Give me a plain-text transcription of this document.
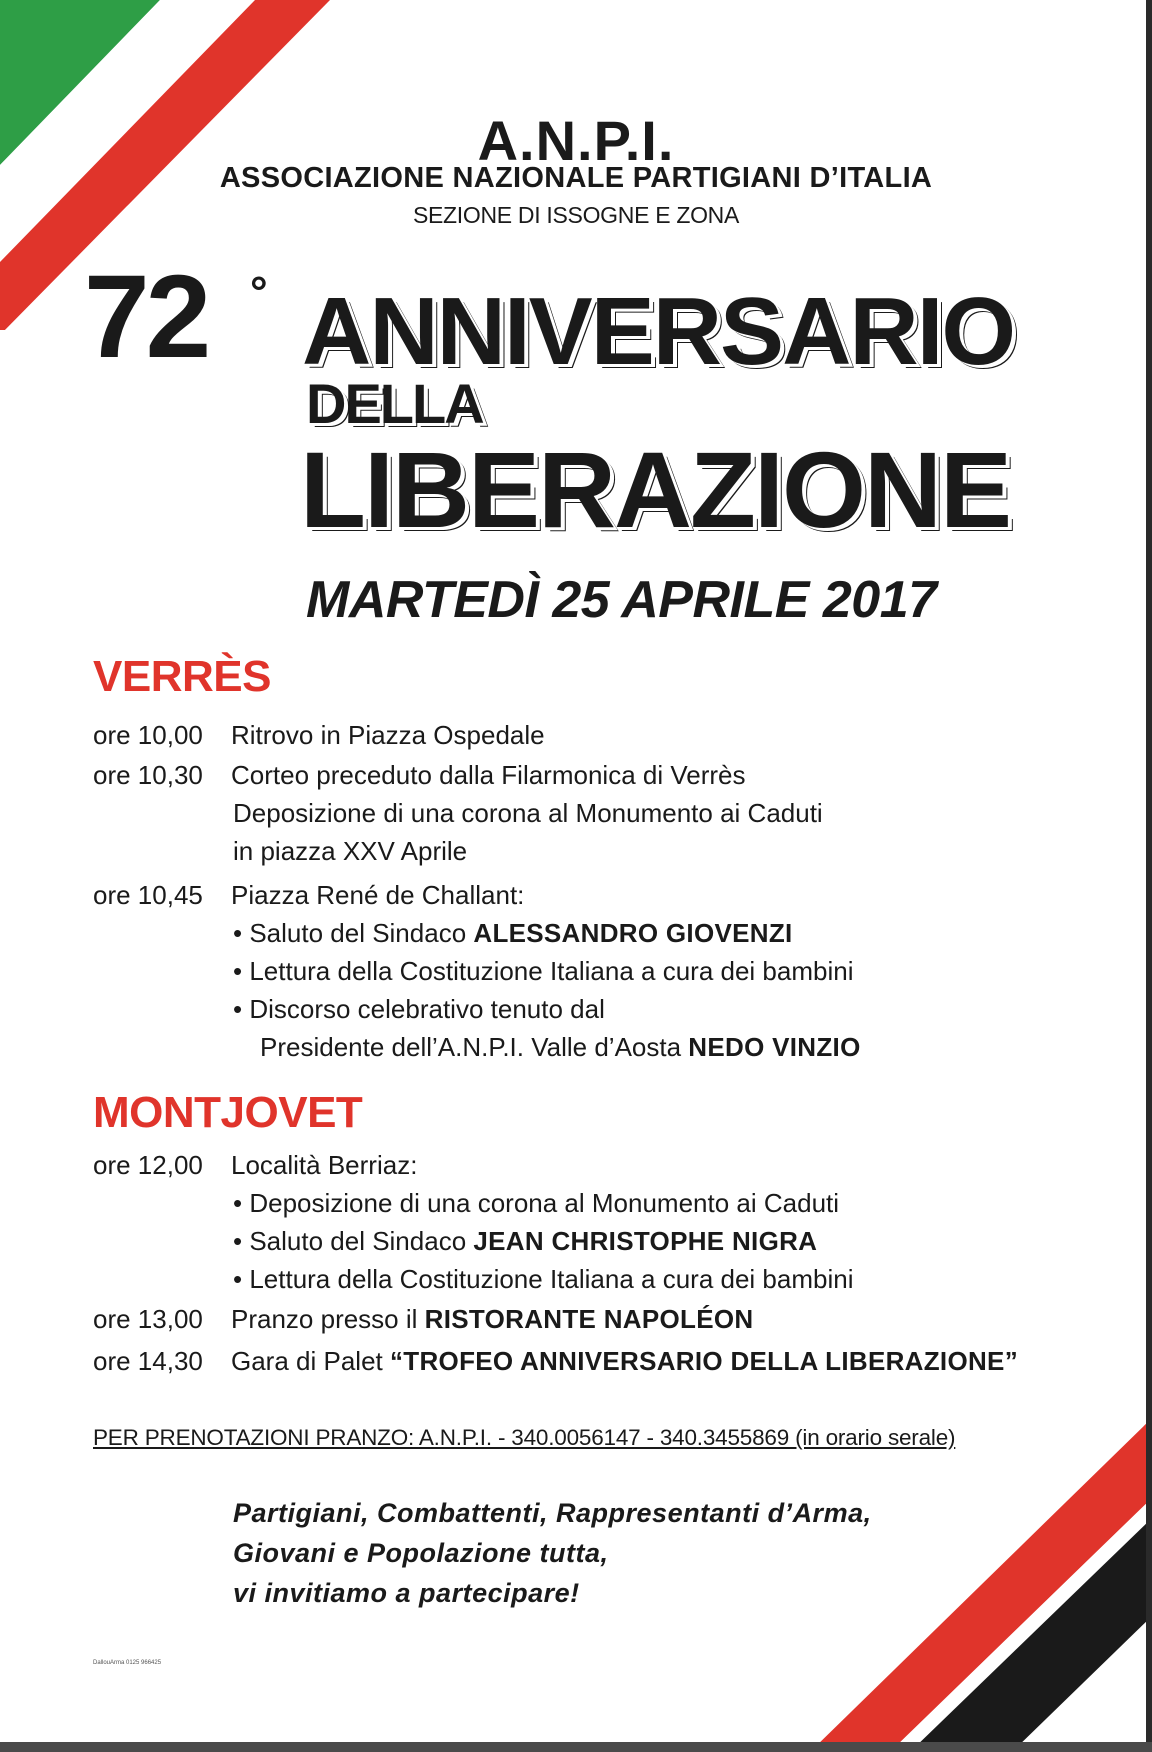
A.N.P.I.
ASSOCIAZIONE NAZIONALE PARTIGIANI D’ITALIA
SEZIONE DI ISSOGNE E ZONA
72 ° ANNIVERSARIO
DELLA
LIBERAZIONE
MARTEDÌ 25 APRILE 2017
VERRÈS
ore 10,00 Ritrovo in Piazza Ospedale
ore 10,30 Corteo preceduto dalla Filarmonica di Verrès
Deposizione di una corona al Monumento ai Caduti
in piazza XXV Aprile
ore 10,45 Piazza René de Challant:
• Saluto del Sindaco ALESSANDRO GIOVENZI
• Lettura della Costituzione Italiana a cura dei bambini
• Discorso celebrativo tenuto dal
Presidente dell’A.N.P.I. Valle d’Aosta NEDO VINZIO
MONTJOVET
ore 12,00 Località Berriaz:
• Deposizione di una corona al Monumento ai Caduti
• Saluto del Sindaco JEAN CHRISTOPHE NIGRA
• Lettura della Costituzione Italiana a cura dei bambini
ore 13,00 Pranzo presso il RISTORANTE NAPOLÉON
ore 14,30 Gara di Palet “TROFEO ANNIVERSARIO DELLA LIBERAZIONE”
PER PRENOTAZIONI PRANZO: A.N.P.I. - 340.0056147 - 340.3455869 (in orario serale)
Partigiani, Combattenti, Rappresentanti d’Arma,
Giovani e Popolazione tutta,
vi invitiamo a partecipare!
DallouArma 0125 966425
